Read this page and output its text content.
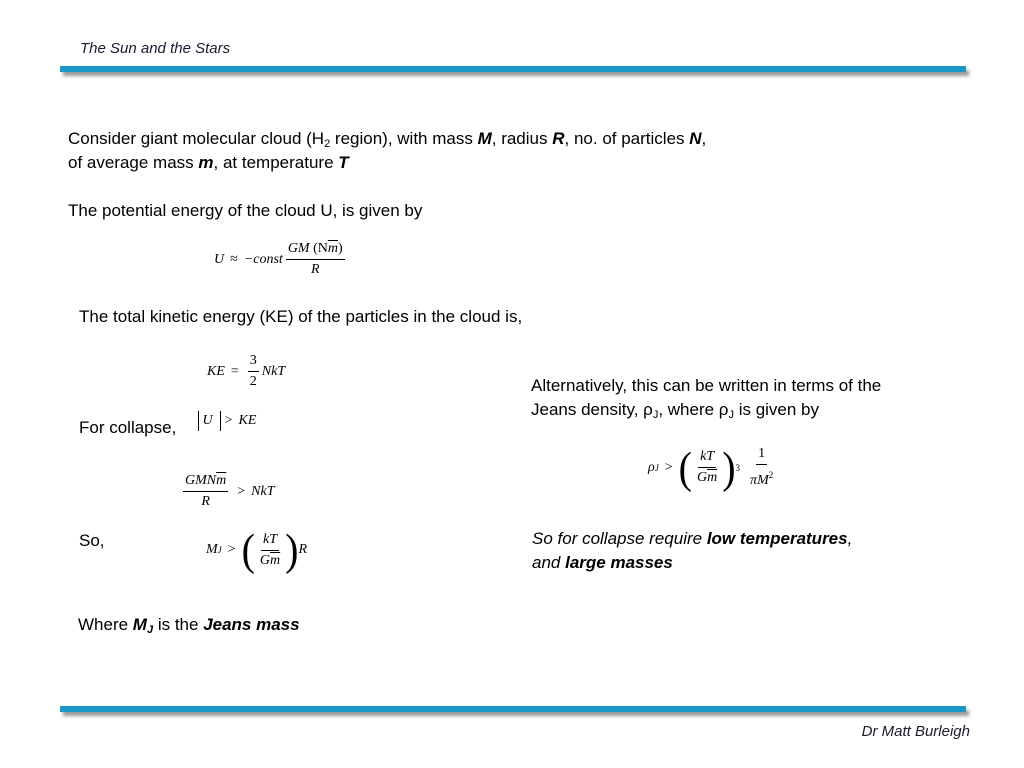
The Sun and the Stars
Consider giant molecular cloud ($H_2$ region), with mass M, radius R, no. of particles N,
of average mass m, at temperature T
The potential energy of the cloud U, is given by
U ≈ −const $\frac{GM (N\overline{m})}{R}$
The total kinetic energy (KE) of the particles in the cloud is,
KE = $\frac{3}{2}$ NkT
For collapse,
U
> KE
$\frac{GMN\overline{m}}{R}$ > NkT
So,	M J > ( $\frac{kT}{G\overline{m}}$ ) R
Where $M_J$ is the Jeans mass
Alternatively, this can be written in terms of the
Jeans density, $\rho_J$, where $\rho_J$ is given by
ρ J > ( $\frac{kT}{G\overline{m}}$ ) $3 \frac{1}{\pi M^2}$
So for collapse require low temperatures,
and large masses
Dr Matt Burleigh
